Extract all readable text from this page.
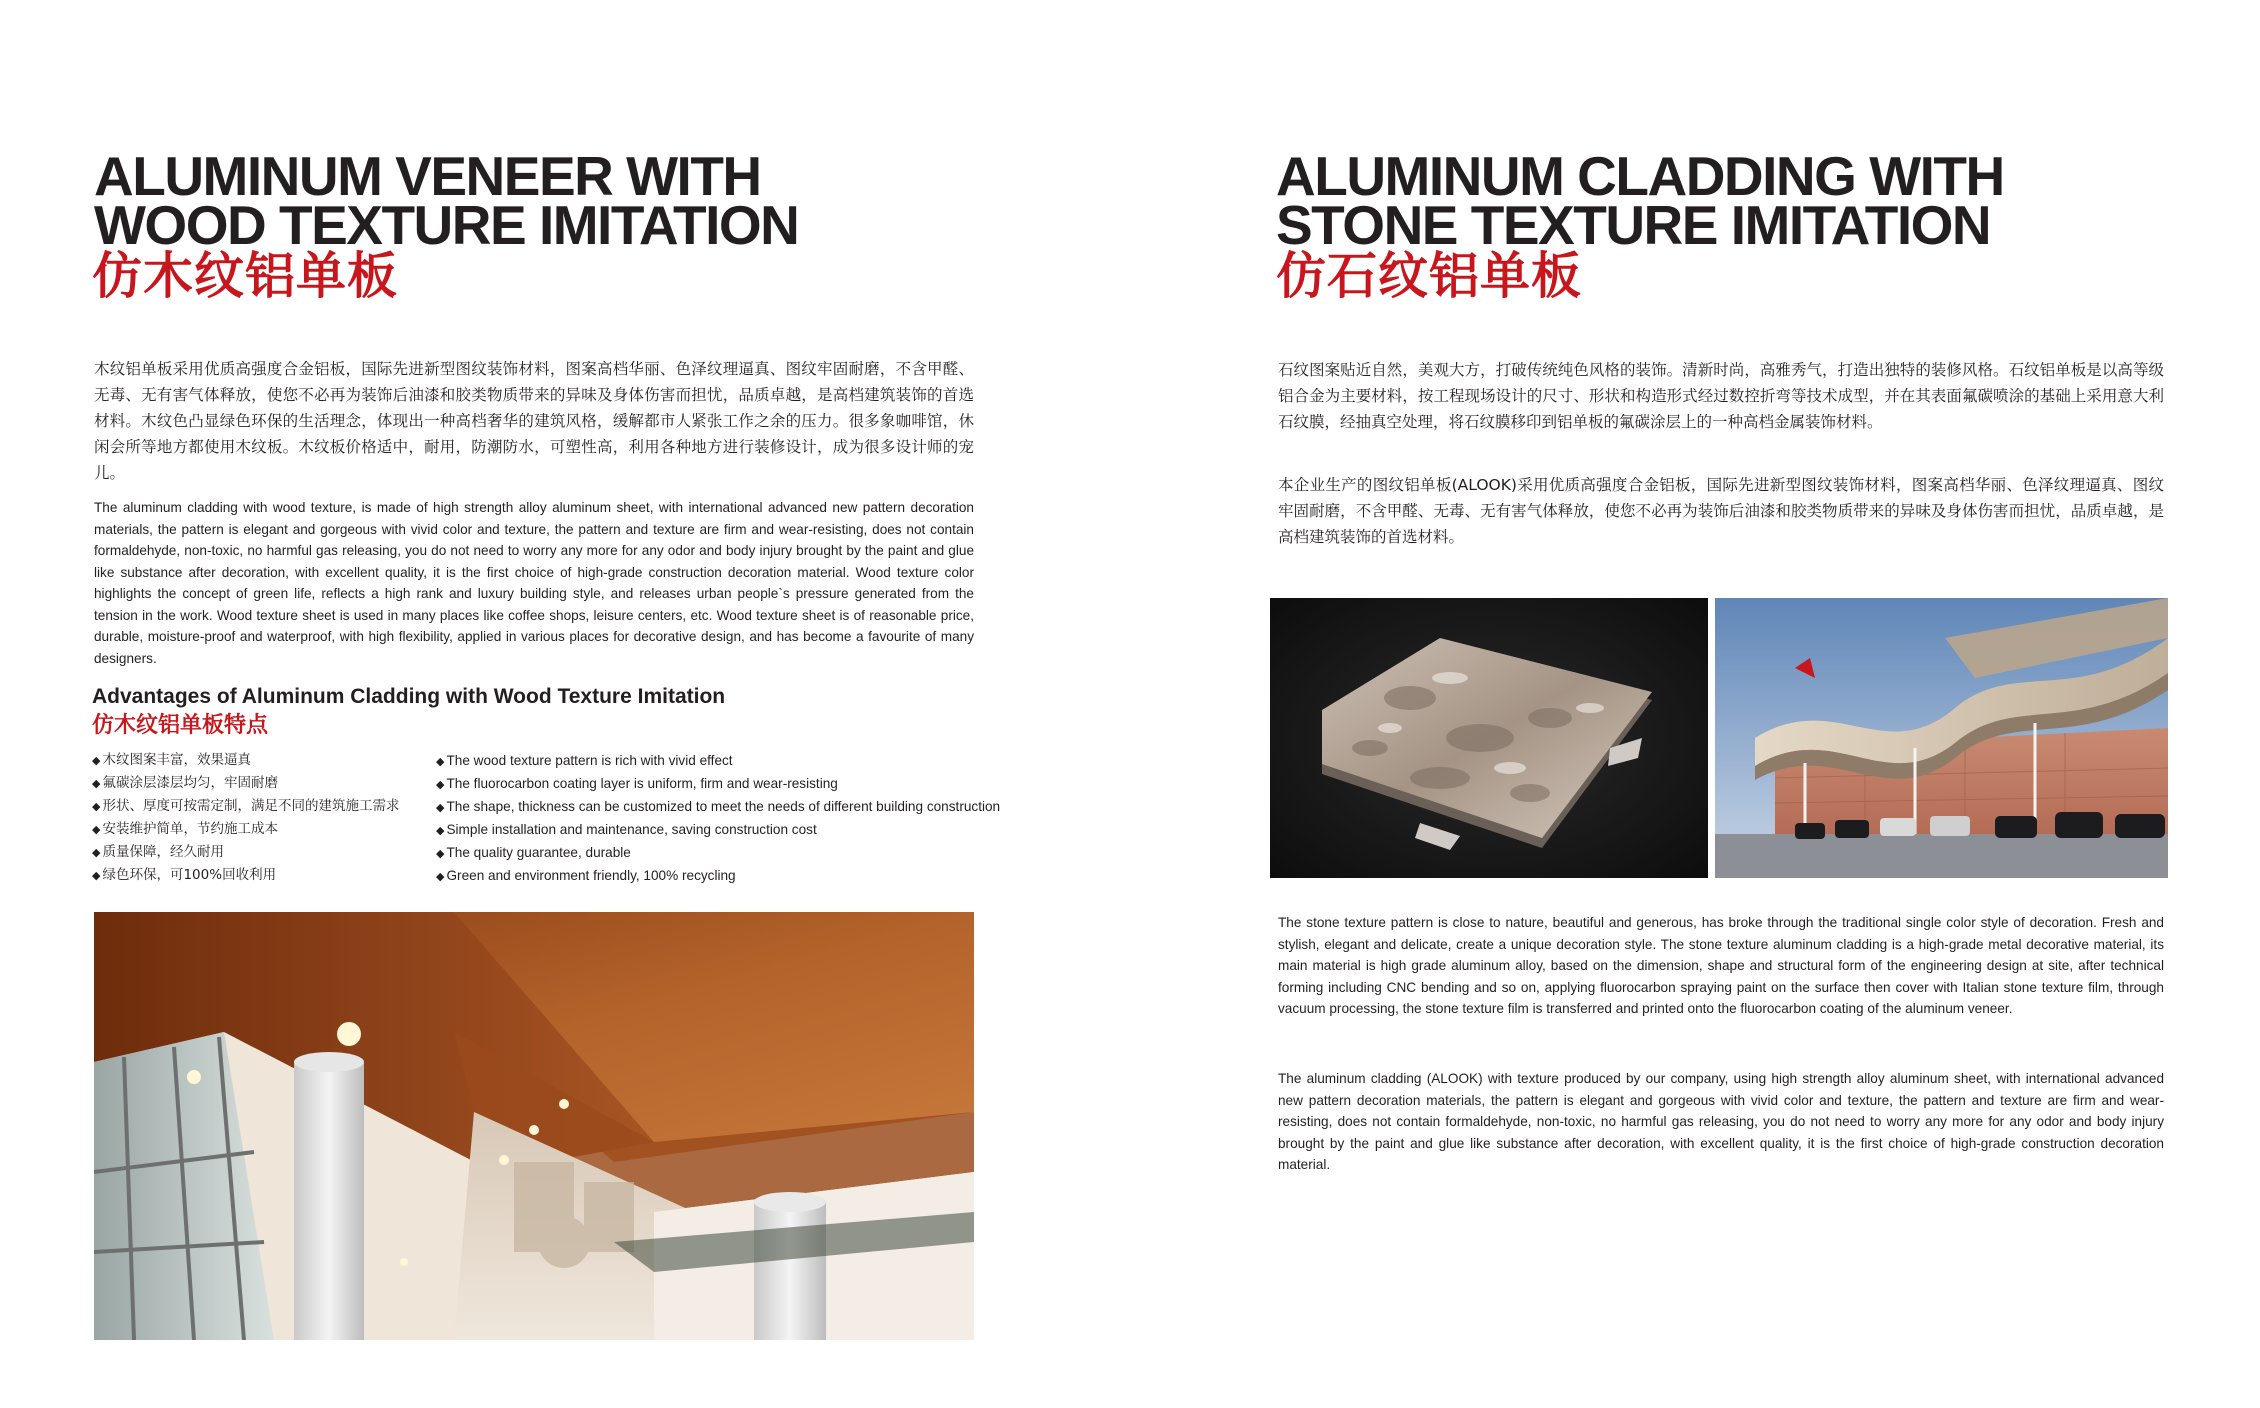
ALUMINUM VENEER WITH
WOOD TEXTURE IMITATION
仿木纹铝单板

木纹铝单板采用优质高强度合金铝板，国际先进新型图纹装饰材料，图案高档华丽、色泽纹理逼真、图纹牢固耐磨，不含甲醛、无毒、无有害气体释放，使您不必再为装饰后油漆和胶类物质带来的异味及身体伤害而担忧，品质卓越，是高档建筑装饰的首选材料。木纹色凸显绿色环保的生活理念，体现出一种高档奢华的建筑风格，缓解都市人紧张工作之余的压力。很多象咖啡馆，休闲会所等地方都使用木纹板。木纹板价格适中，耐用，防潮防水，可塑性高，利用各种地方进行装修设计，成为很多设计师的宠儿。

The aluminum cladding with wood texture, is made of high strength alloy aluminum sheet, with international advanced new pattern decoration materials, the pattern is elegant and gorgeous with vivid color and texture, the pattern and texture are firm and wear-resisting, does not contain formaldehyde, non-toxic, no harmful gas releasing, you do not need to worry any more for any odor and body injury brought by the paint and glue like substance after decoration, with excellent quality, it is the first choice of high-grade construction decoration material. Wood texture color highlights the concept of green life, reflects a high rank and luxury building style, and releases urban people`s pressure generated from the tension in the work. Wood texture sheet is used in many places like coffee shops, leisure centers, etc. Wood texture sheet is of reasonable price, durable, moisture-proof and waterproof, with high flexibility, applied in various places for decorative design, and has become a favourite of many designers.

Advantages of Aluminum Cladding with Wood Texture Imitation
仿木纹铝单板特点
◆ 木纹图案丰富，效果逼真
◆ 氟碳涂层漆层均匀，牢固耐磨
◆ 形状、厚度可按需定制，满足不同的建筑施工需求
◆ 安装维护简单，节约施工成本
◆ 质量保障，经久耐用
◆ 绿色环保，可100%回收利用
◆ The wood texture pattern is rich with vivid effect
◆ The fluorocarbon coating layer is uniform, firm and wear-resisting
◆ The shape, thickness can be customized to meet the needs of different building construction
◆ Simple installation and maintenance, saving construction cost
◆ The quality guarantee, durable
◆ Green and environment friendly, 100% recycling
ALUMINUM CLADDING WITH
STONE TEXTURE IMITATION
仿石纹铝单板

石纹图案贴近自然，美观大方，打破传统纯色风格的装饰。清新时尚，高雅秀气，打造出独特的装修风格。石纹铝单板是以高等级铝合金为主要材料，按工程现场设计的尺寸、形状和构造形式经过数控折弯等技术成型，并在其表面氟碳喷涂的基础上采用意大利石纹膜，经抽真空处理，将石纹膜移印到铝单板的氟碳涂层上的一种高档金属装饰材料。

本企业生产的图纹铝单板(ALOOK)采用优质高强度合金铝板，国际先进新型图纹装饰材料，图案高档华丽、色泽纹理逼真、图纹牢固耐磨，不含甲醛、无毒、无有害气体释放，使您不必再为装饰后油漆和胶类物质带来的异味及身体伤害而担忧，品质卓越，是高档建筑装饰的首选材料。

The stone texture pattern is close to nature, beautiful and generous, has broke through the traditional single color style of decoration. Fresh and stylish, elegant and delicate, create a unique decoration style. The stone texture aluminum cladding is a high-grade metal decorative material, its main material is high grade aluminum alloy, based on the dimension, shape and structural form of the engineering design at site, after technical forming including CNC bending and so on, applying fluorocarbon spraying paint on the surface then cover with Italian stone texture film, through vacuum processing, the stone texture film is transferred and printed onto the fluorocarbon coating of the aluminum veneer.

The aluminum cladding (ALOOK) with texture produced by our company, using high strength alloy aluminum sheet, with international advanced new pattern decoration materials, the pattern is elegant and gorgeous with vivid color and texture, the pattern and texture are firm and wear-resisting, does not contain formaldehyde, non-toxic, no harmful gas releasing, you do not need to worry any more for any odor and body injury brought by the paint and glue like substance after decoration, with excellent quality, it is the first choice of high-grade construction decoration material.
